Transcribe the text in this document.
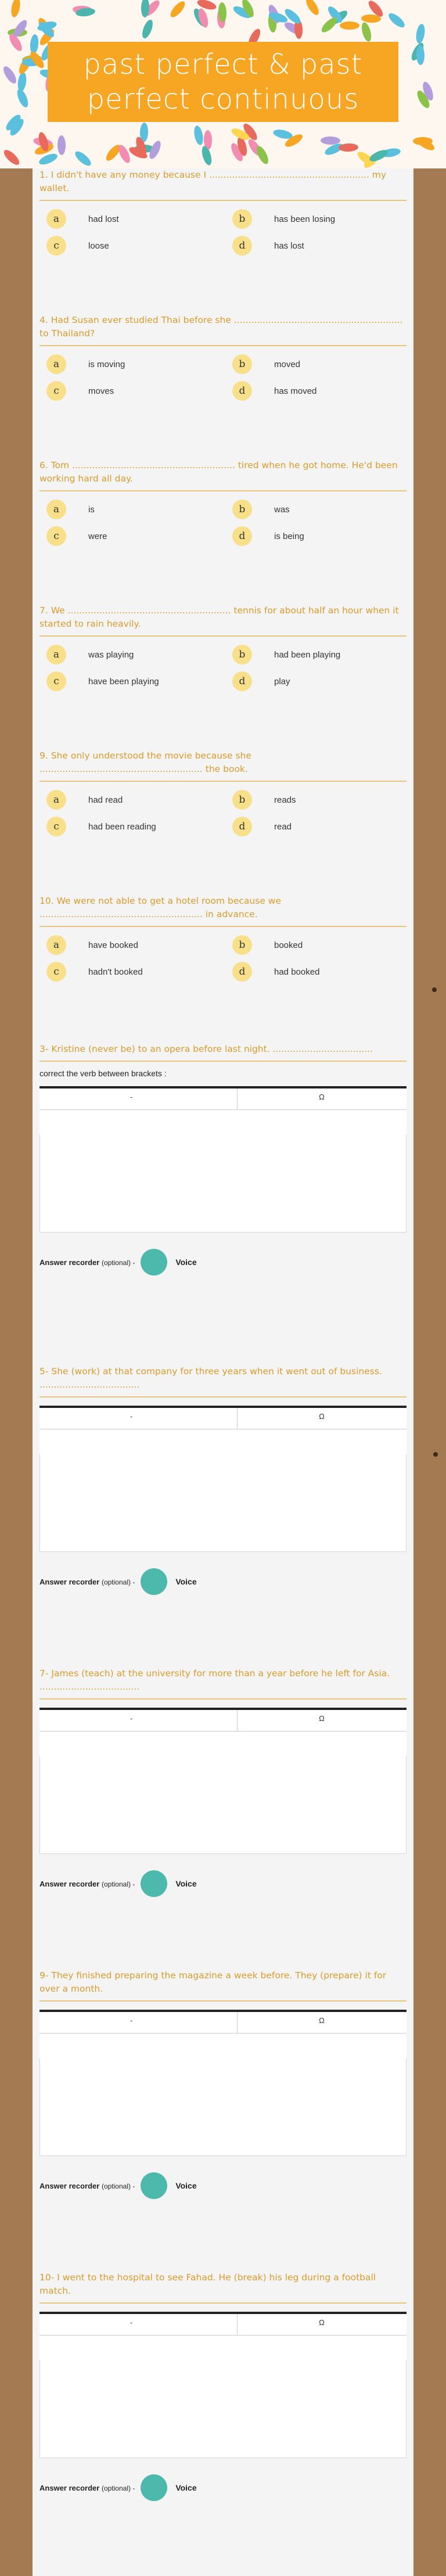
past perfect & past perfect continuous
1. I didn't have any money because I ........................................................ my wallet.
a	had lost	b	has been losing
c	loose	d	has lost
4. Had Susan ever studied Thai before she ........................................................... to Thailand?
a	is moving	b	moved
c	moves	d	has moved
6. Tom ......................................................... tired when he got home. He'd been working hard all day.
a	is	b	was
c	were	d	is being
7. We ......................................................... tennis for about half an hour when it started to rain heavily.
a	was playing	b	had been playing
c	have been playing	d	play
9. She only understood the movie because she ......................................................... the book.
a	had read	b	reads
c	had been reading	d	read
10. We were not able to get a hotel room because we ......................................................... in advance.
a	have booked	b	booked
c	hadn't booked	d	had booked
3- Kristine (never be) to an opera before last night. ...................................
correct the verb between brackets :
-	Ω
Answer recorder (optional) -	Voice
5- She (work) at that company for three years when it went out of business. ...................................
-	Ω
Answer recorder (optional) -	Voice
7- James (teach) at the university for more than a year before he left for Asia. ...................................
-	Ω
Answer recorder (optional) -	Voice
9- They finished preparing the magazine a week before. They (prepare) it for over a month.
-	Ω
Answer recorder (optional) -	Voice
10- I went to the hospital to see Fahad. He (break) his leg during a football match.
-	Ω
Answer recorder (optional) -	Voice
